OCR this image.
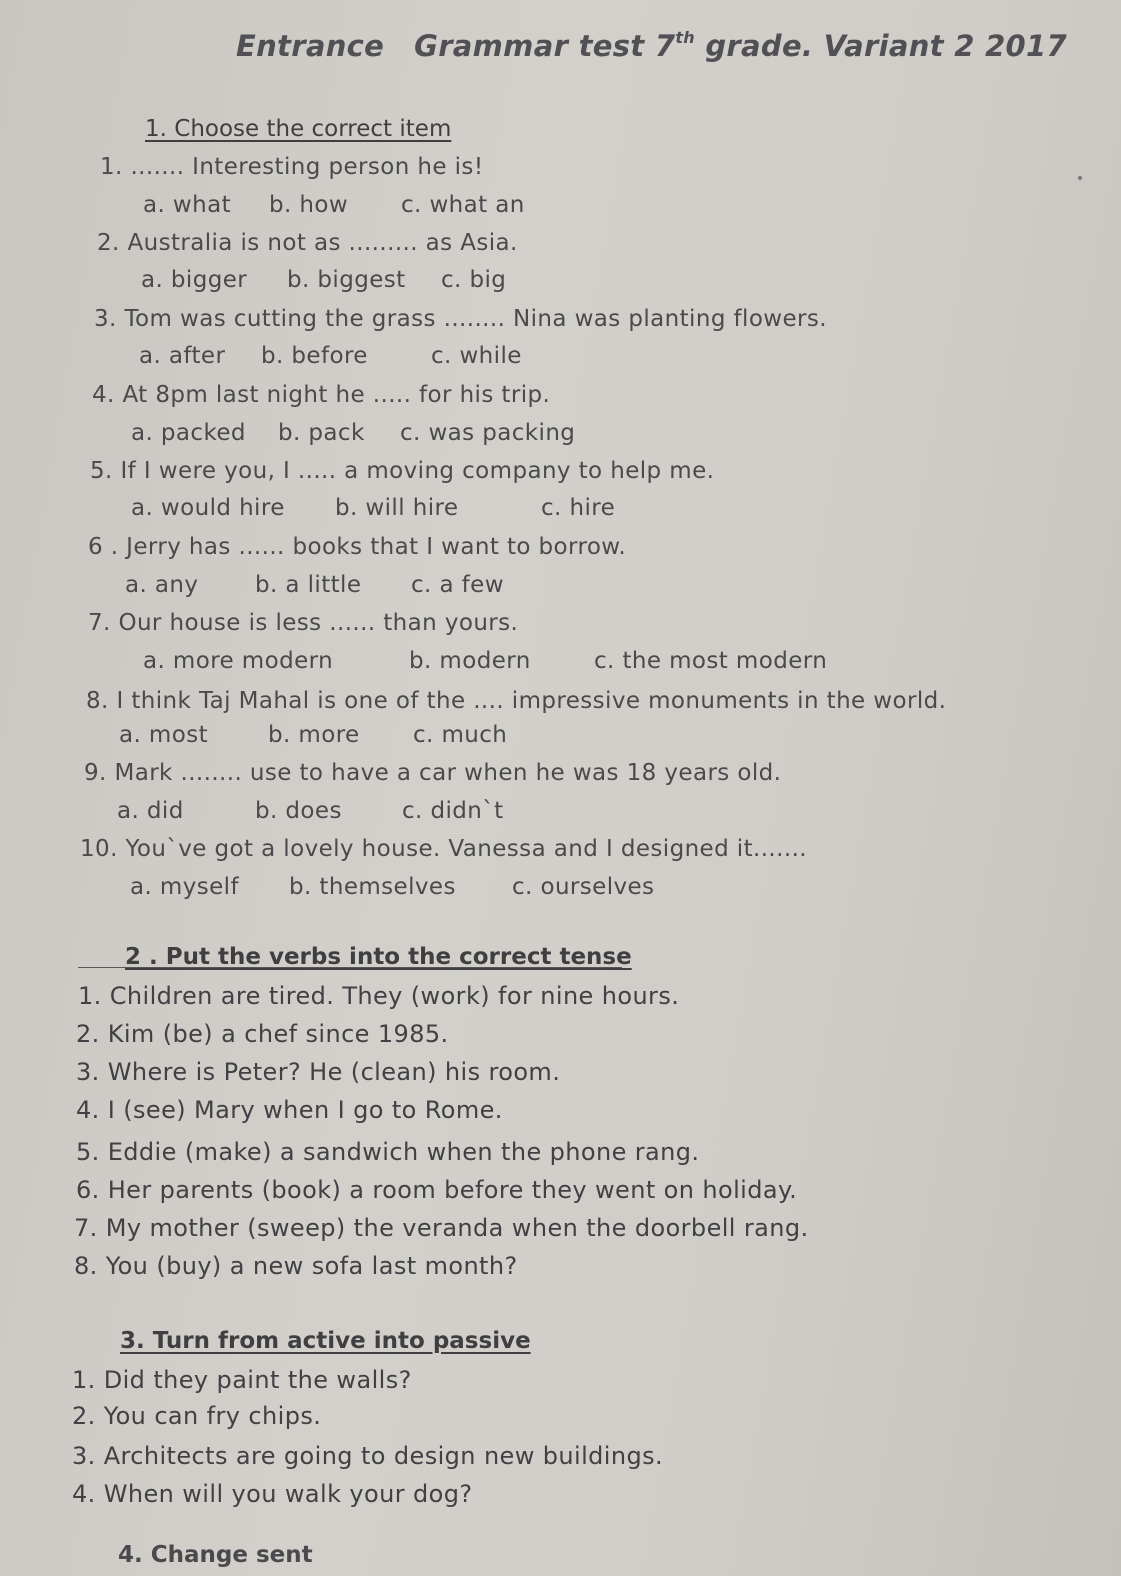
Entrance Grammar test 7th grade. Variant 2 2017
1. Choose the correct item
1. ....... Interesting person he is!
a. what b. how c. what an
2. Australia is not as ......... as Asia.
a. bigger b. biggest c. big
3. Tom was cutting the grass ........ Nina was planting flowers.
a. after b. before	c. while
4. At 8pm last night he ..... for his trip.
a. packed b. pack c. was packing
5. If I were you, I ..... a moving company to help me.
a. would hire b. will hire	c. hire
6 . Jerry has ...... books that I want to borrow.
a. any b. a little c. a few
7. Our house is less ...... than yours.
a. more modern	b. modern	c. the most modern
8. I think Taj Mahal is one of the .... impressive monuments in the world.
a. most	b. more c. much
9. Mark ........ use to have a car when he was 18 years old.
a. did	b. does	c. didn`t
10. You`ve got a lovely house. Vanessa and I designed it.......
a. myself b. themselves c. ourselves
2 . Put the verbs into the correct tense
1. Children are tired. They (work) for nine hours.
2. Kim (be) a chef since 1985.
3. Where is Peter? He (clean) his room.
4. I (see) Mary when I go to Rome.
5. Eddie (make) a sandwich when the phone rang.
6. Her parents (book) a room before they went on holiday.
7. My mother (sweep) the veranda when the doorbell rang.
8. You (buy) a new sofa last month?
3. Turn from active into passive
1. Did they paint the walls?
2. You can fry chips.
3. Architects are going to design new buildings.
4. When will you walk your dog?
4. Change sent
